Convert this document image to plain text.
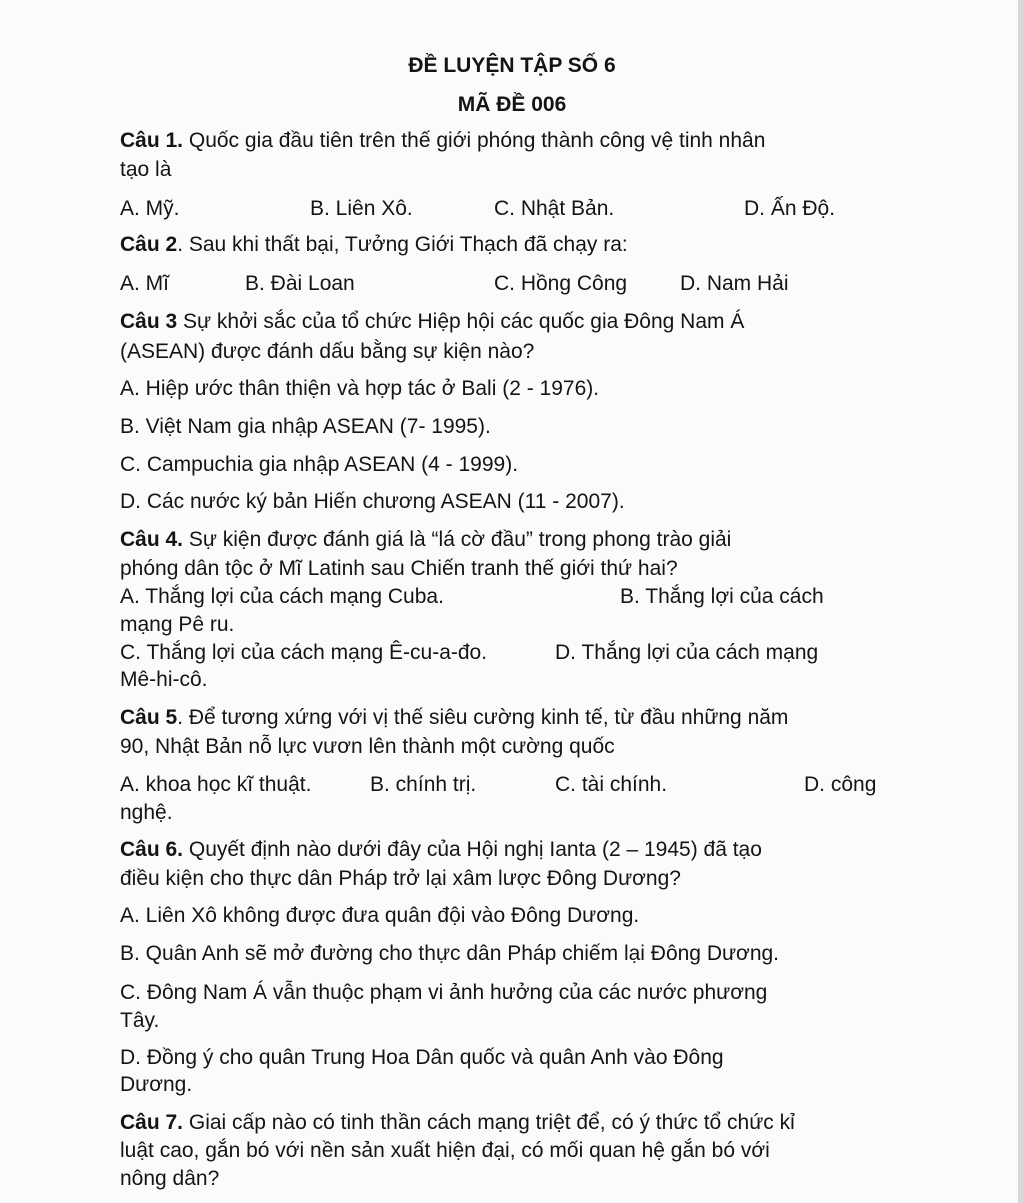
ĐỀ LUYỆN TẬP SỐ 6
MÃ ĐỀ 006
Câu 1. Quốc gia đầu tiên trên thế giới phóng thành công vệ tinh nhân
tạo là
A. Mỹ.	B. Liên Xô.	C. Nhật Bản.	D. Ấn Độ.
Câu 2. Sau khi thất bại, Tưởng Giới Thạch đã chạy ra:
A. Mĩ	B. Đài Loan	C. Hồng Công	D. Nam Hải
Câu 3 Sự khởi sắc của tổ chức Hiệp hội các quốc gia Đông Nam Á
(ASEAN) được đánh dấu bằng sự kiện nào?
A. Hiệp ước thân thiện và hợp tác ở Bali (2 - 1976).
B. Việt Nam gia nhập ASEAN (7- 1995).
C. Campuchia gia nhập ASEAN (4 - 1999).
D. Các nước ký bản Hiến chương ASEAN (11 - 2007).
Câu 4. Sự kiện được đánh giá là “lá cờ đầu” trong phong trào giải
phóng dân tộc ở Mĩ Latinh sau Chiến tranh thế giới thứ hai?
A. Thắng lợi của cách mạng Cuba.	B. Thắng lợi của cách
mạng Pê ru.
C. Thắng lợi của cách mạng Ê-cu-a-đo.	D. Thắng lợi của cách mạng
Mê-hi-cô.
Câu 5. Để tương xứng với vị thế siêu cường kinh tế, từ đầu những năm
90, Nhật Bản nỗ lực vươn lên thành một cường quốc
A. khoa học kĩ thuật.	B. chính trị.	C. tài chính.	D. công
nghệ.
Câu 6. Quyết định nào dưới đây của Hội nghị Ianta (2 – 1945) đã tạo
điều kiện cho thực dân Pháp trở lại xâm lược Đông Dương?
A. Liên Xô không được đưa quân đội vào Đông Dương.
B. Quân Anh sẽ mở đường cho thực dân Pháp chiếm lại Đông Dương.
C. Đông Nam Á vẫn thuộc phạm vi ảnh hưởng của các nước phương
Tây.
D. Đồng ý cho quân Trung Hoa Dân quốc và quân Anh vào Đông
Dương.
Câu 7. Giai cấp nào có tinh thần cách mạng triệt để, có ý thức tổ chức kỉ
luật cao, gắn bó với nền sản xuất hiện đại, có mối quan hệ gắn bó với
nông dân?
